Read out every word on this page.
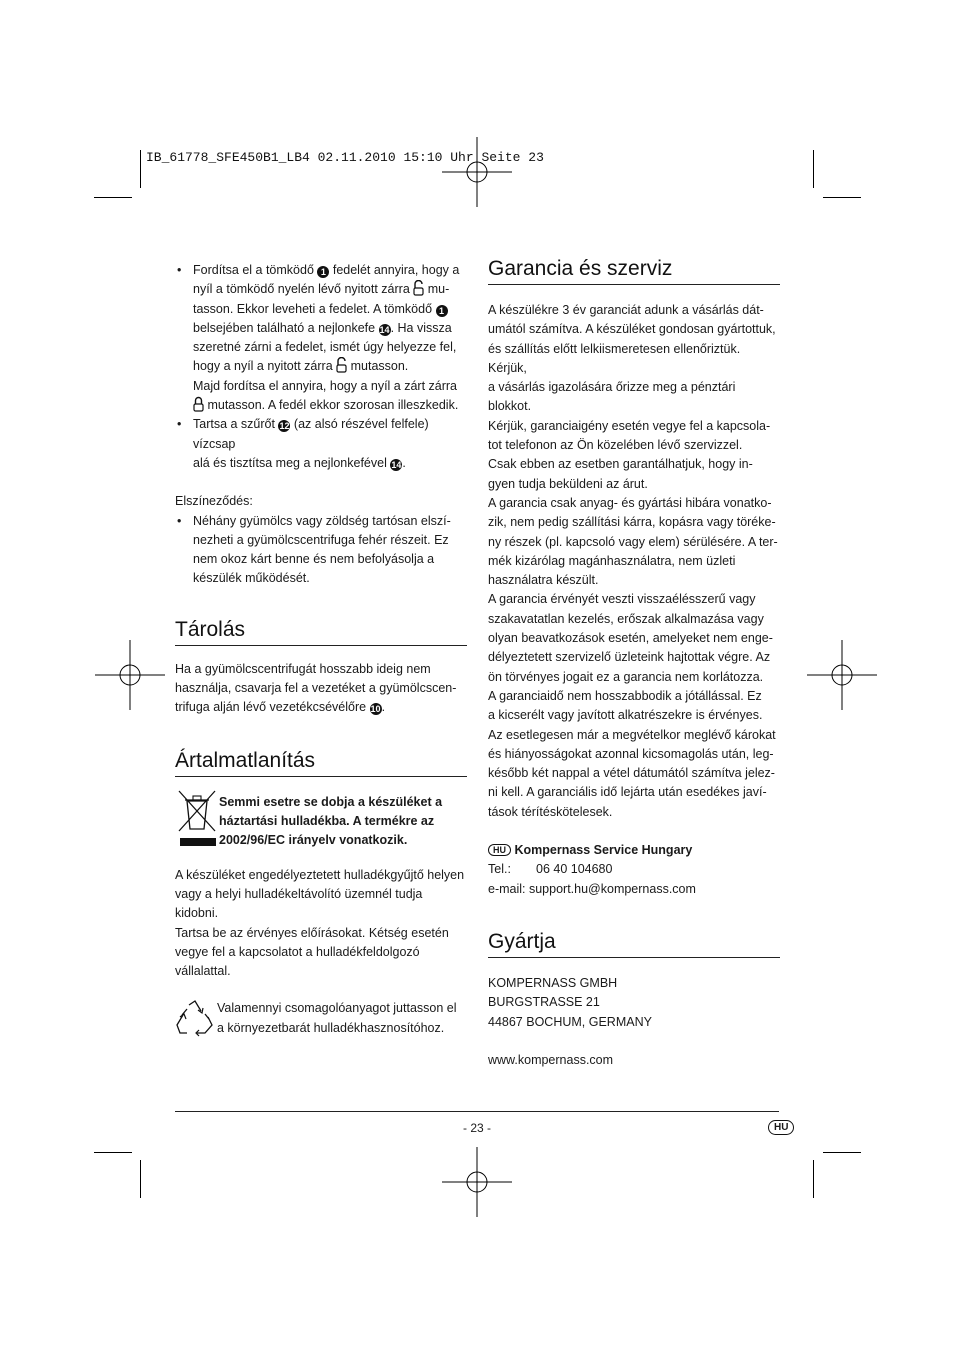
IB_61778_SFE450B1_LB4 02.11.2010 15:10 Uhr Seite 23
• Fordítsa el a tömködő 1 fedelét annyira, hogy a
nyíl a tömködő nyelén lévő nyitott zárra  mu-
tasson. Ekkor leveheti a fedelet. A tömködő 1
belsejében található a nejlonkefe 14. Ha vissza
szeretné zárni a fedelet, ismét úgy helyezze fel,
hogy a nyíl a nyitott zárra  mutasson.
Majd fordítsa el annyira, hogy a nyíl a zárt zárra
mutasson. A fedél ekkor szorosan illeszkedik.
• Tartsa a szűrőt 12 (az alsó részével felfele) vízcsap
alá és tisztítsa meg a nejlonkefével 14.

Elszíneződés:

• Néhány gyümölcs vagy zöldség tartósan elszí-
nezheti a gyümölcscentrifuga fehér részeit. Ez
nem okoz kárt benne és nem befolyásolja a
készülék működését.
Tárolás
Ha a gyümölcscentrifugát hosszabb ideig nem
használja, csavarja fel a vezetéket a gyümölcscen-
trifuga alján lévő vezetékcsévélőre 10.
Ártalmatlanítás
Semmi esetre se dobja a készüléket a
háztartási hulladékba. A termékre az
2002/96/EC irányelv vonatkozik.
A készüléket engedélyeztetett hulladékgyűjtő helyen
vagy a helyi hulladékeltávolító üzemnél tudja kidobni.
Tartsa be az érvényes előírásokat. Kétség esetén
vegye fel a kapcsolatot a hulladékfeldolgozó
vállalattal.
Valamennyi csomagolóanyagot juttasson el
a környezetbarát hulladékhasznosítóhoz.
Garancia és szerviz
A készülékre 3 év garanciát adunk a vásárlás dát-
umától számítva. A készüléket gondosan gyártottuk,
és szállítás előtt lelkiismeretesen ellenőriztük. Kérjük,
a vásárlás igazolására őrizze meg a pénztári blokkot.
Kérjük, garanciaigény esetén vegye fel a kapcsola-
tot telefonon az Ön közelében lévő szervizzel.
Csak ebben az esetben garantálhatjuk, hogy in-
gyen tudja beküldeni az árut.
A garancia csak anyag- és gyártási hibára vonatko-
zik, nem pedig szállítási kárra, kopásra vagy töréke-
ny részek (pl. kapcsoló vagy elem) sérülésére. A ter-
mék kizárólag magánhasználatra, nem üzleti
használatra készült.
A garancia érvényét veszti visszaélésszerű vagy
szakavatatlan kezelés, erőszak alkalmazása vagy
olyan beavatkozások esetén, amelyeket nem enge-
délyeztetett szervizelő üzleteink hajtottak végre. Az
ön törvényes jogait ez a garancia nem korlátozza.
A garanciaidő nem hosszabbodik a jótállással. Ez
a kicserélt vagy javított alkatrészekre is érvényes.
Az esetlegesen már a megvételkor meglévő károkat
és hiányosságokat azonnal kicsomagolás után, leg-
később két nappal a vétel dátumától számítva jelez-
ni kell. A garanciális idő lejárta után esedékes javí-
tások térítéskötelesek.
HU Kompernass Service Hungary
Tel.: 06 40 104680
e-mail: support.hu@kompernass.com
Gyártja
KOMPERNASS GMBH
BURGSTRASSE 21
44867 BOCHUM, GERMANY
www.kompernass.com
- 23 -	HU
